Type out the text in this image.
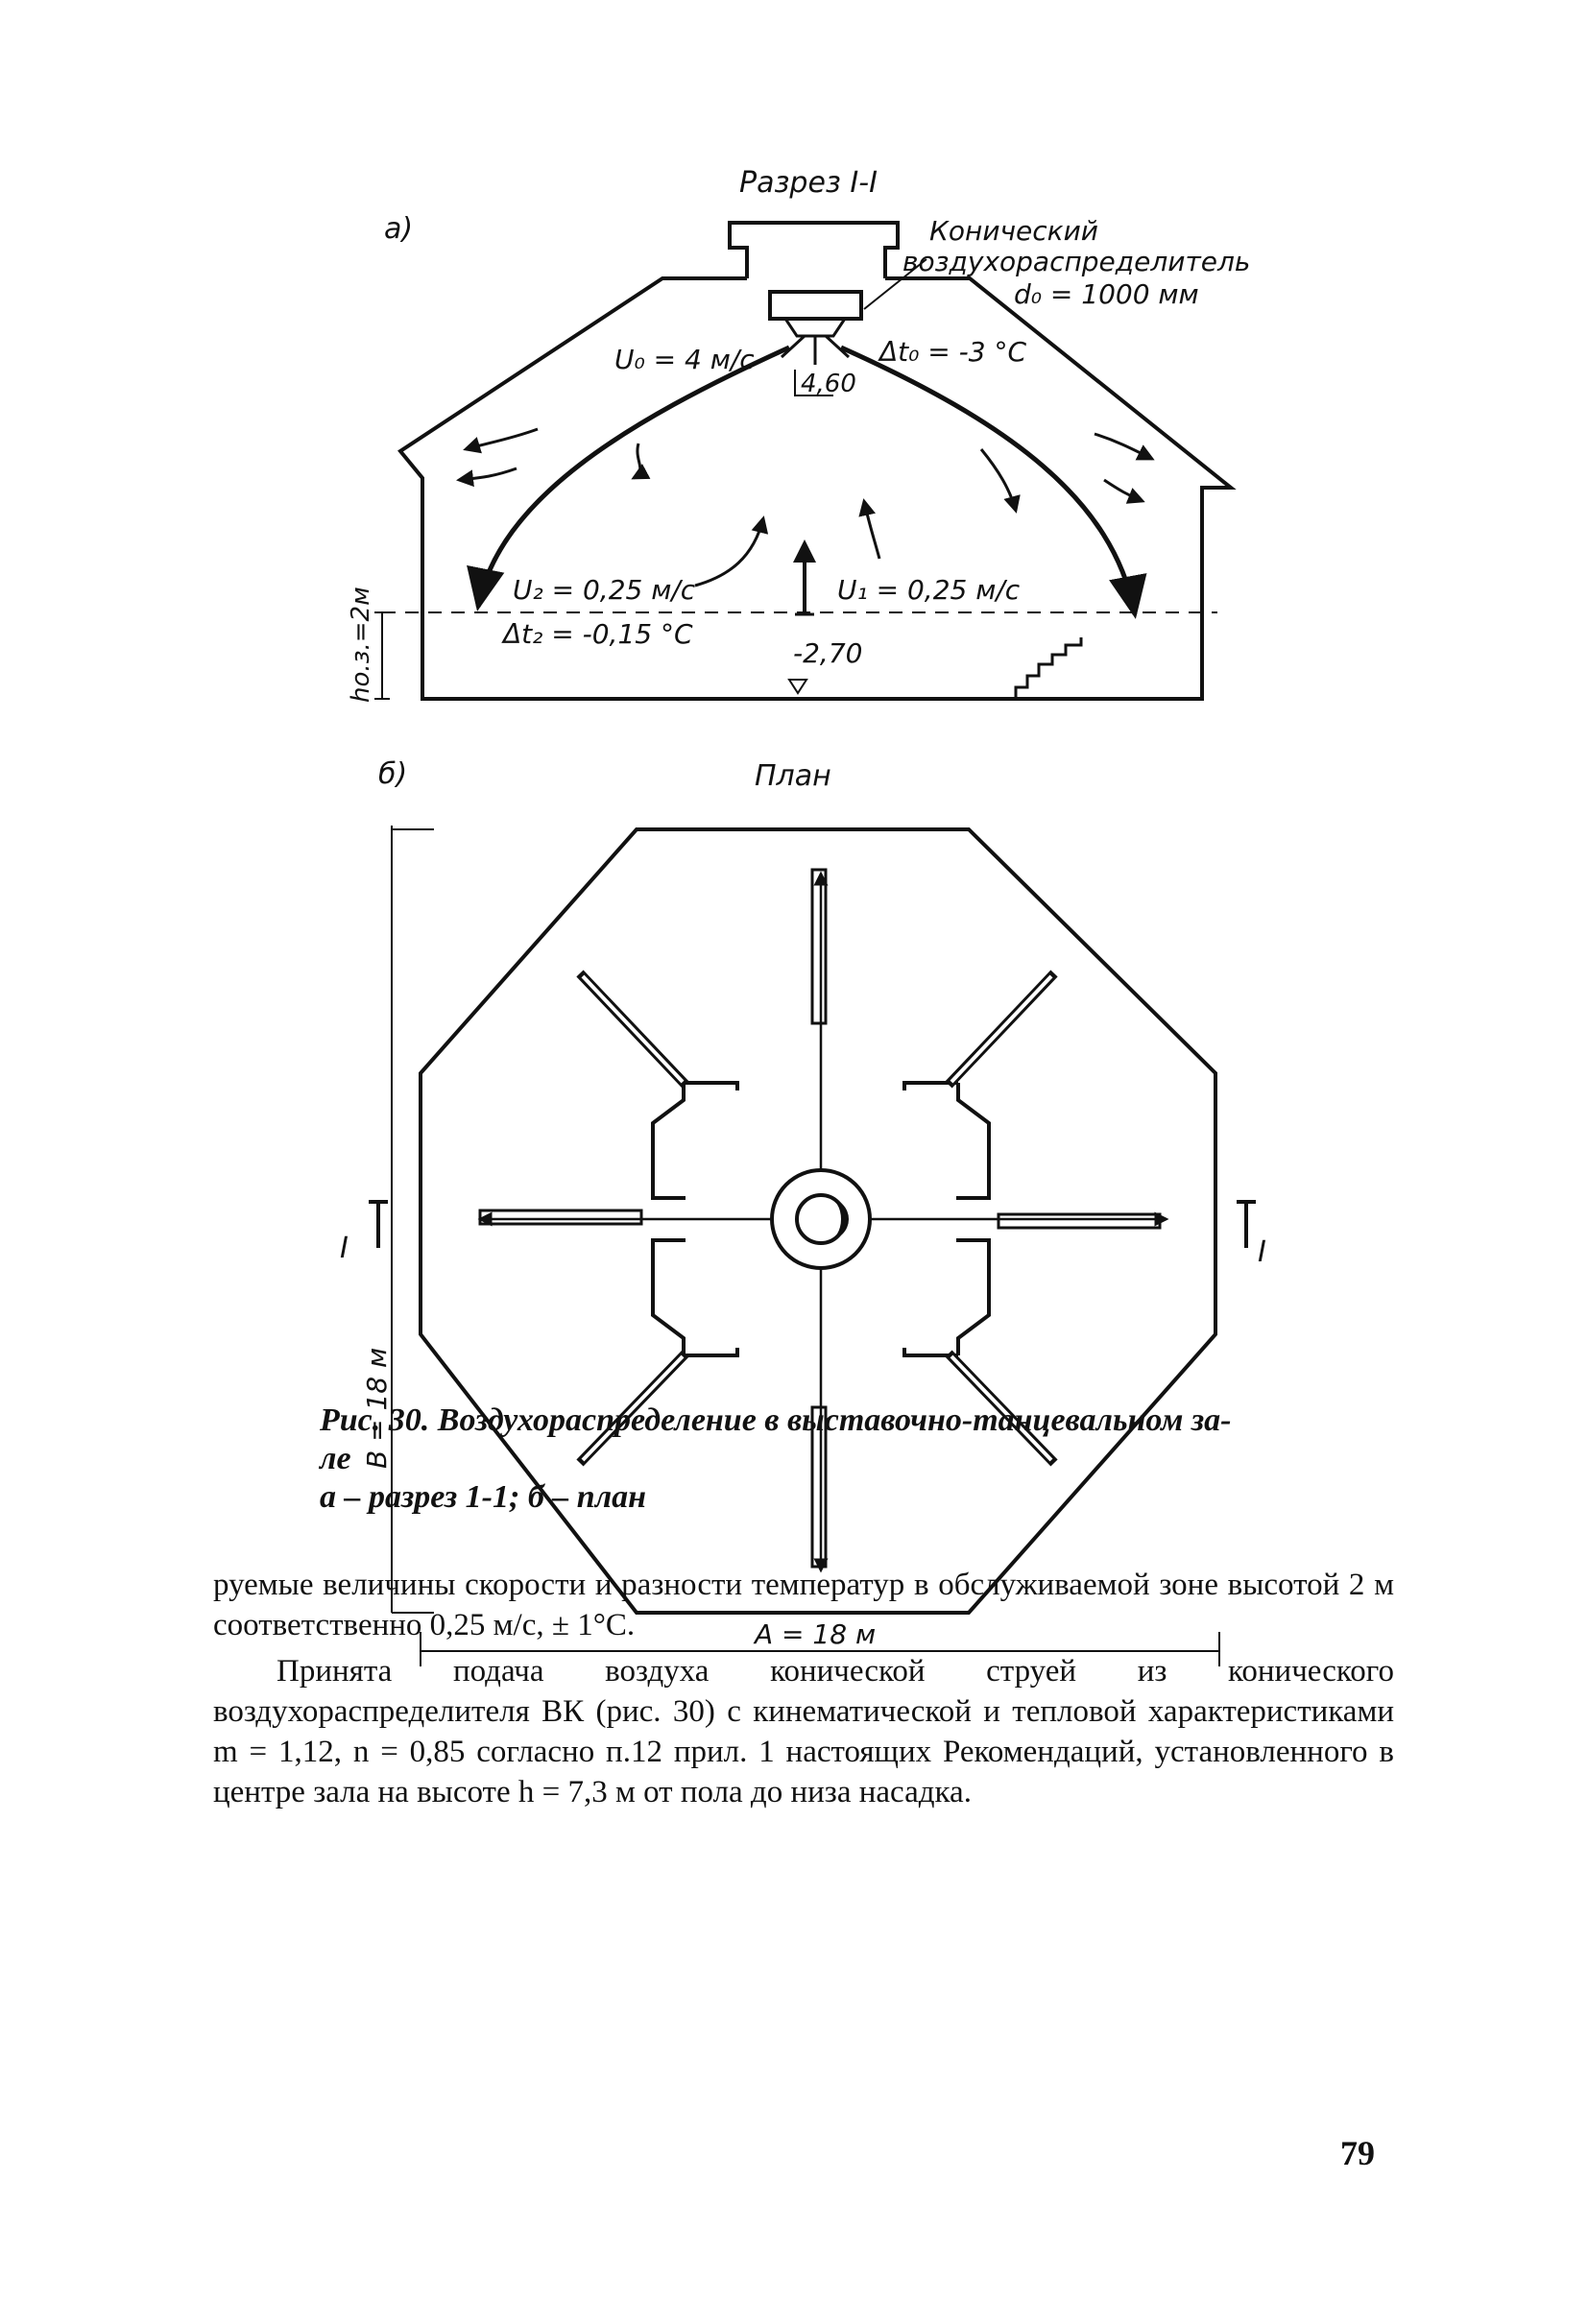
а)
Разрез I-I
hо.з.=2м
Конический
воздухораспределитель
d₀ = 1000 мм
U₀ = 4 м/с	Δt₀ = -3 °С
4,60
U₂ = 0,25 м/с
Δt₂ = -0,15 °С
U₁ = 0,25 м/с
-2,70
б)	План
I	I
B = 18 м
A = 18 м
Рис. 30. Воздухораспределение в выставочно-танцевальном за-
ле
а – разрез 1-1; б – план

руемые величины скорости и разности температур в обслуживаемой зоне высотой 2 м соответственно 0,25 м/с, ± 1°С.

Принята подача воздуха конической струей из конического воздухораспределителя ВК (рис. 30) с кинематической и тепловой характеристиками m = 1,12, n = 0,85 согласно п.12 прил. 1 настоящих Рекомендаций, установленного в центре зала на высоте h = 7,3 м от пола до низа насадка.

79
